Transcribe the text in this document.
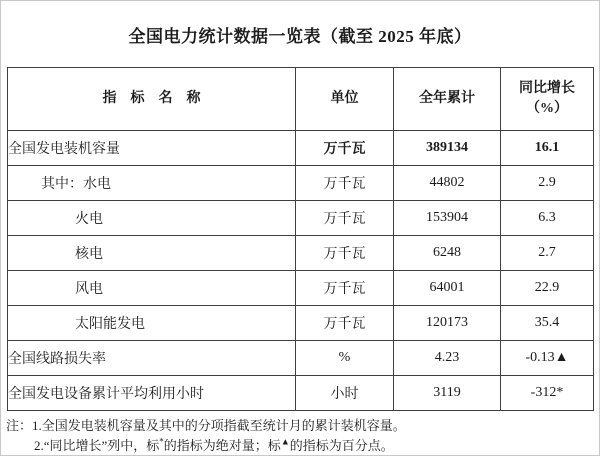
全国电力统计数据一览表（截至 2025 年底）
指　标　名　称	单位	全年累计	同比增长
（%）

全国发电装机容量	万千瓦	389134	16.1
其中：水电	万千瓦	44802	2.9
火电	万千瓦	153904	6.3
核电	万千瓦	6248	2.7
风电	万千瓦	64001	22.9
太阳能发电	万千瓦	120173	35.4
全国线路损失率	%	4.23	-0.13▲
全国发电设备累计平均利用小时	小时	3119	-312*
注：1.全国发电装机容量及其中的分项指截至统计月的累计装机容量。
2.“同比增长”列中，标*的指标为绝对量；标▲的指标为百分点。
